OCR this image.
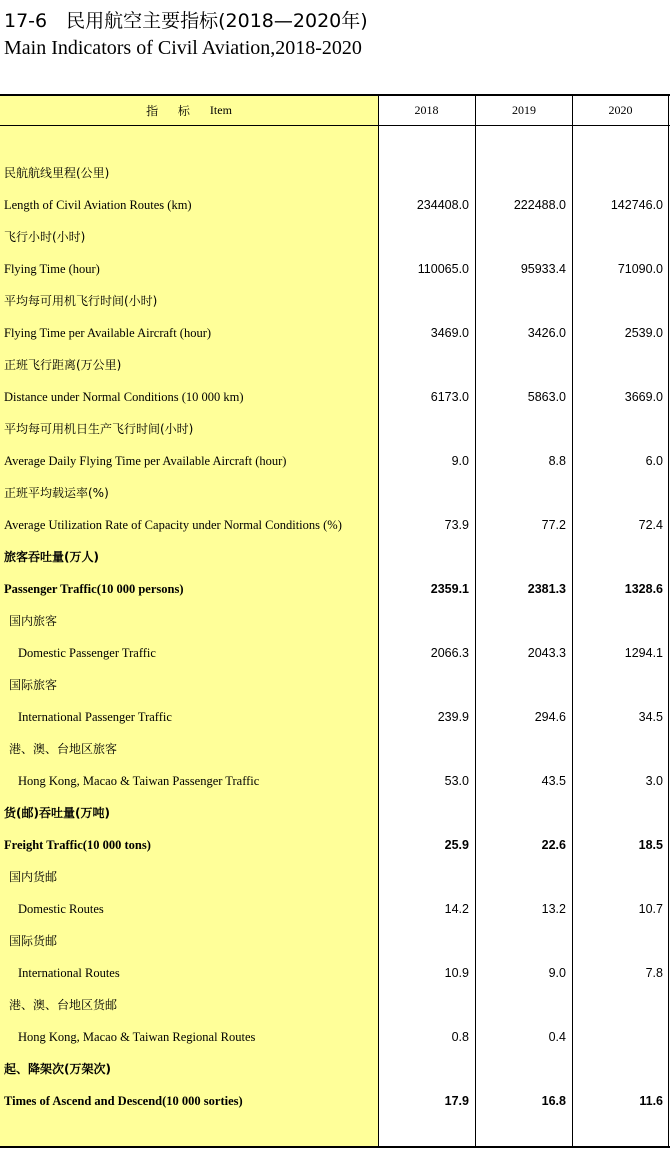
17-6　民用航空主要指标(2018—2020年)
Main Indicators of Civil Aviation,2018-2020
指 标 Item	2018	2019	2020
民航航线里程(公里)
Length of Civil Aviation Routes (km)	234408.0	222488.0	142746.0
飞行小时(小时)
Flying Time (hour)	110065.0	95933.4	71090.0
平均每可用机飞行时间(小时)
Flying Time per Available Aircraft (hour)	3469.0	3426.0	2539.0
正班飞行距离(万公里)
Distance under Normal Conditions (10 000 km)	6173.0	5863.0	3669.0
平均每可用机日生产飞行时间(小时)
Average Daily Flying Time per Available Aircraft (hour)	9.0	8.8	6.0
正班平均载运率(%)
Average Utilization Rate of Capacity under Normal Conditions (%)	73.9	77.2	72.4
旅客吞吐量(万人)
Passenger Traffic(10 000 persons)	2359.1	2381.3	1328.6
国内旅客
Domestic Passenger Traffic	2066.3	2043.3	1294.1
国际旅客
International Passenger Traffic	239.9	294.6	34.5
港、澳、台地区旅客
Hong Kong, Macao & Taiwan Passenger Traffic	53.0	43.5	3.0
货(邮)吞吐量(万吨)
Freight Traffic(10 000 tons)	25.9	22.6	18.5
国内货邮
Domestic Routes	14.2	13.2	10.7
国际货邮
International Routes	10.9	9.0	7.8
港、澳、台地区货邮
Hong Kong, Macao & Taiwan Regional Routes	0.8	0.4
起、降架次(万架次)
Times of Ascend and Descend(10 000 sorties)	17.9	16.8	11.6
